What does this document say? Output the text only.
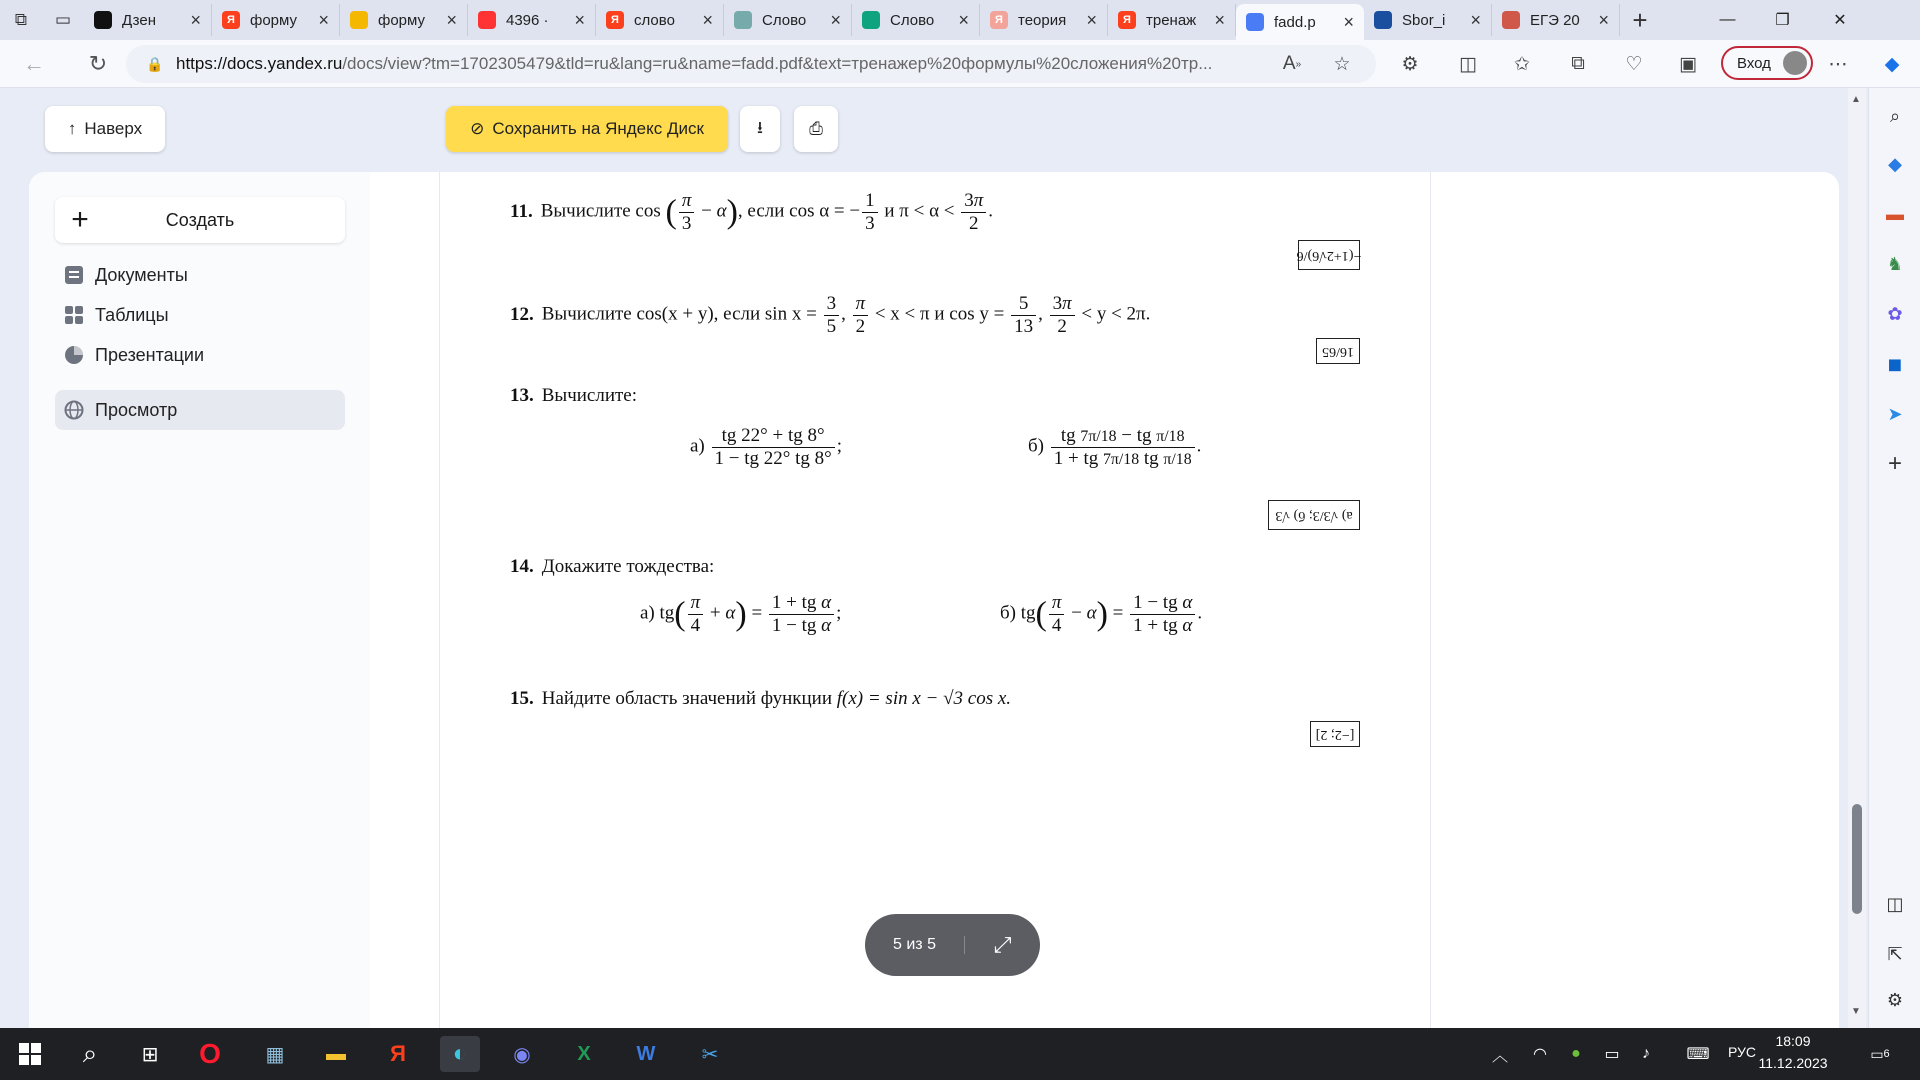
⧉	▭	Дзен	×	Я	форму	×	форму	×	4396 ·	×	Я	слово	×	Слово	×	Слово	×	Я	теория	×	Я	тренаж	×	fadd.p	×	Sbor_i	×	ЕГЭ 20	× +	—	❐	✕
←	↻	🔒 https://docs.yandex.ru /docs/view?tm=1702305479&tld=ru&lang=ru&name=fadd.pdf&text=тренажер%20формулы%20сложения%20тр...	A »	☆	⚙	◫	✩	⧉	♡	▣	Вход	⋯	◆
↑ Наверх	⊘ Сохранить на Яндекс Диск	⭳	⎙
+	Создать
Документы
Таблицы
Презентации
Просмотр
11. Вычислите cos ( $\frac{\pi}{3} - \alpha$), если cos α = − $\frac{1}{3}$ и $\pi < \alpha < \frac{3\pi}{2}$ .
−(1+2√6)/6
12. Вычислите cos(x + y), если $\sin x = \frac{3}{5}$ , $\frac{\pi}{2} < x < \pi$ и $\cos y = \frac{5}{13}$ , $\frac{3\pi}{2} < y < 2\pi$.
16/65
13. Вычислите:
$а) \frac{tg 22^\circ + tg 8^\circ}{1 - tg 22^\circ tg 8^\circ}$ ;	$б) \frac{\text{tg 7π/18 − tg π/18}}{\text{1 + tg 7π/18 tg π/18}}$ .
а) √3/3; б) √3
14. Докажите тождества:
а) $tg( \frac{\pi}{4} + \alpha) = \frac{\text{1 + tg α}}{\text{1 − tg α}}$ ;	б) $tg( \frac{\pi}{4} - \alpha) = \frac{\text{1 − tg α}}{\text{1 + tg α}}$ .
15. Найдите область значений функции f(x) = sin x − √3 cos x.
[−2; 2]
5 из 5	⤢
▲
▼
⌕
◆
▬
♞
✿
◼
➤
+
◫
⇱
⚙
⌕	⊞	O	▦	▬	Я	◐	◉	X	W	✂	︿	◠	●	▭	♪	⌨	РУС
18:09
11.12.2023
▭ 6
